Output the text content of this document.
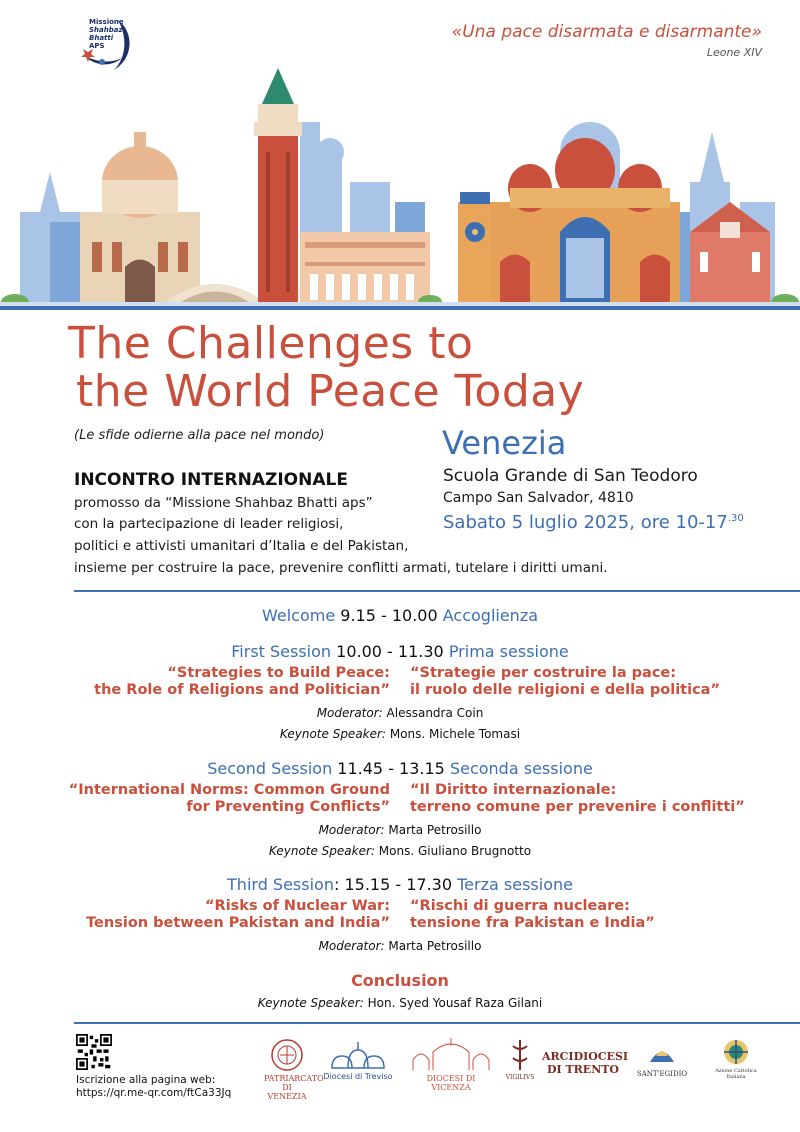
Missione
Shahbaz
Bhatti
APS
«Una pace disarmata e disarmante»
Leone XIV
The Challenges to
the World Peace Today
(Le sfide odierne alla pace nel mondo)	Venezia
Scuola Grande di San Teodoro
Campo San Salvador, 4810
Sabato 5 luglio 2025, ore $10-17^{.30}$
INCONTRO INTERNAZIONALE
promosso da “Missione Shahbaz Bhatti aps”
con la partecipazione di leader religiosi,
politici e attivisti umanitari d’Italia e del Pakistan,
insieme per costruire la pace, prevenire conflitti armati, tutelare i diritti umani.
Welcome 9.15 - 10.00 Accoglienza
First Session 10.00 - 11.30 Prima sessione
“Strategies to Build Peace:
the Role of Religions and Politician”
“Strategie per costruire la pace:
il ruolo delle religioni e della politica”
Moderator: Alessandra Coin
Keynote Speaker: Mons. Michele Tomasi
Second Session 11.45 - 13.15 Seconda sessione
“International Norms: Common Ground
for Preventing Conflicts”
“Il Diritto internazionale:
terreno comune per prevenire i conflitti”
Moderator: Marta Petrosillo
Keynote Speaker: Mons. Giuliano Brugnotto
Third Session: 15.15 - 17.30 Terza sessione
“Risks of Nuclear War:
Tension between Pakistan and India”
“Rischi di guerra nucleare:
tensione fra Pakistan e India”
Moderator: Marta Petrosillo
Conclusion
Keynote Speaker: Hon. Syed Yousaf Raza Gilani
Iscrizione alla pagina web:
https://qr.me-qr.com/ftCa33Jq
PATRIARCATO
DI VENEZIA
Diocesi di Treviso	DIOCESI DI VICENZA
VIGILIVS
ARCIDIOCESI
DI TRENTO	SANT'EGIDIO	Azione Cattolica Italiana
